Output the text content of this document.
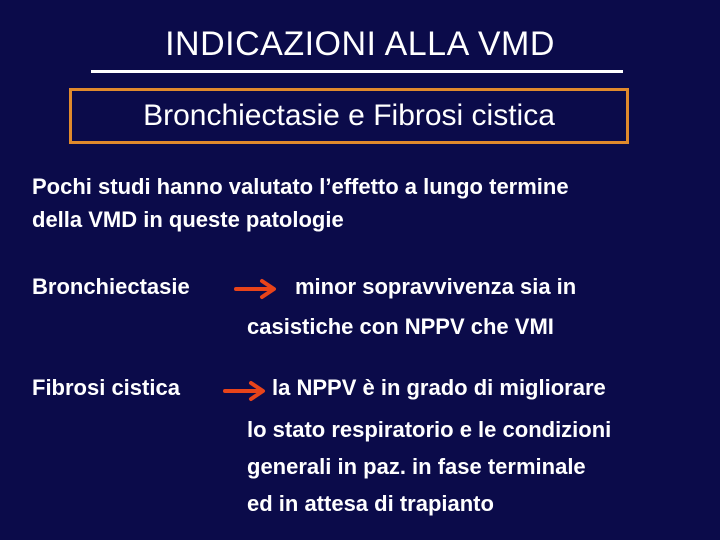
INDICAZIONI ALLA VMD
Bronchiectasie e Fibrosi cistica
Pochi studi hanno valutato l’effetto a lungo termine
della VMD in queste patologie
Bronchiectasie	minor sopravvivenza sia in
casistiche con NPPV che VMI
Fibrosi cistica	la NPPV è in grado di migliorare
lo stato respiratorio e le condizioni
generali in paz. in fase terminale
ed in attesa di trapianto
